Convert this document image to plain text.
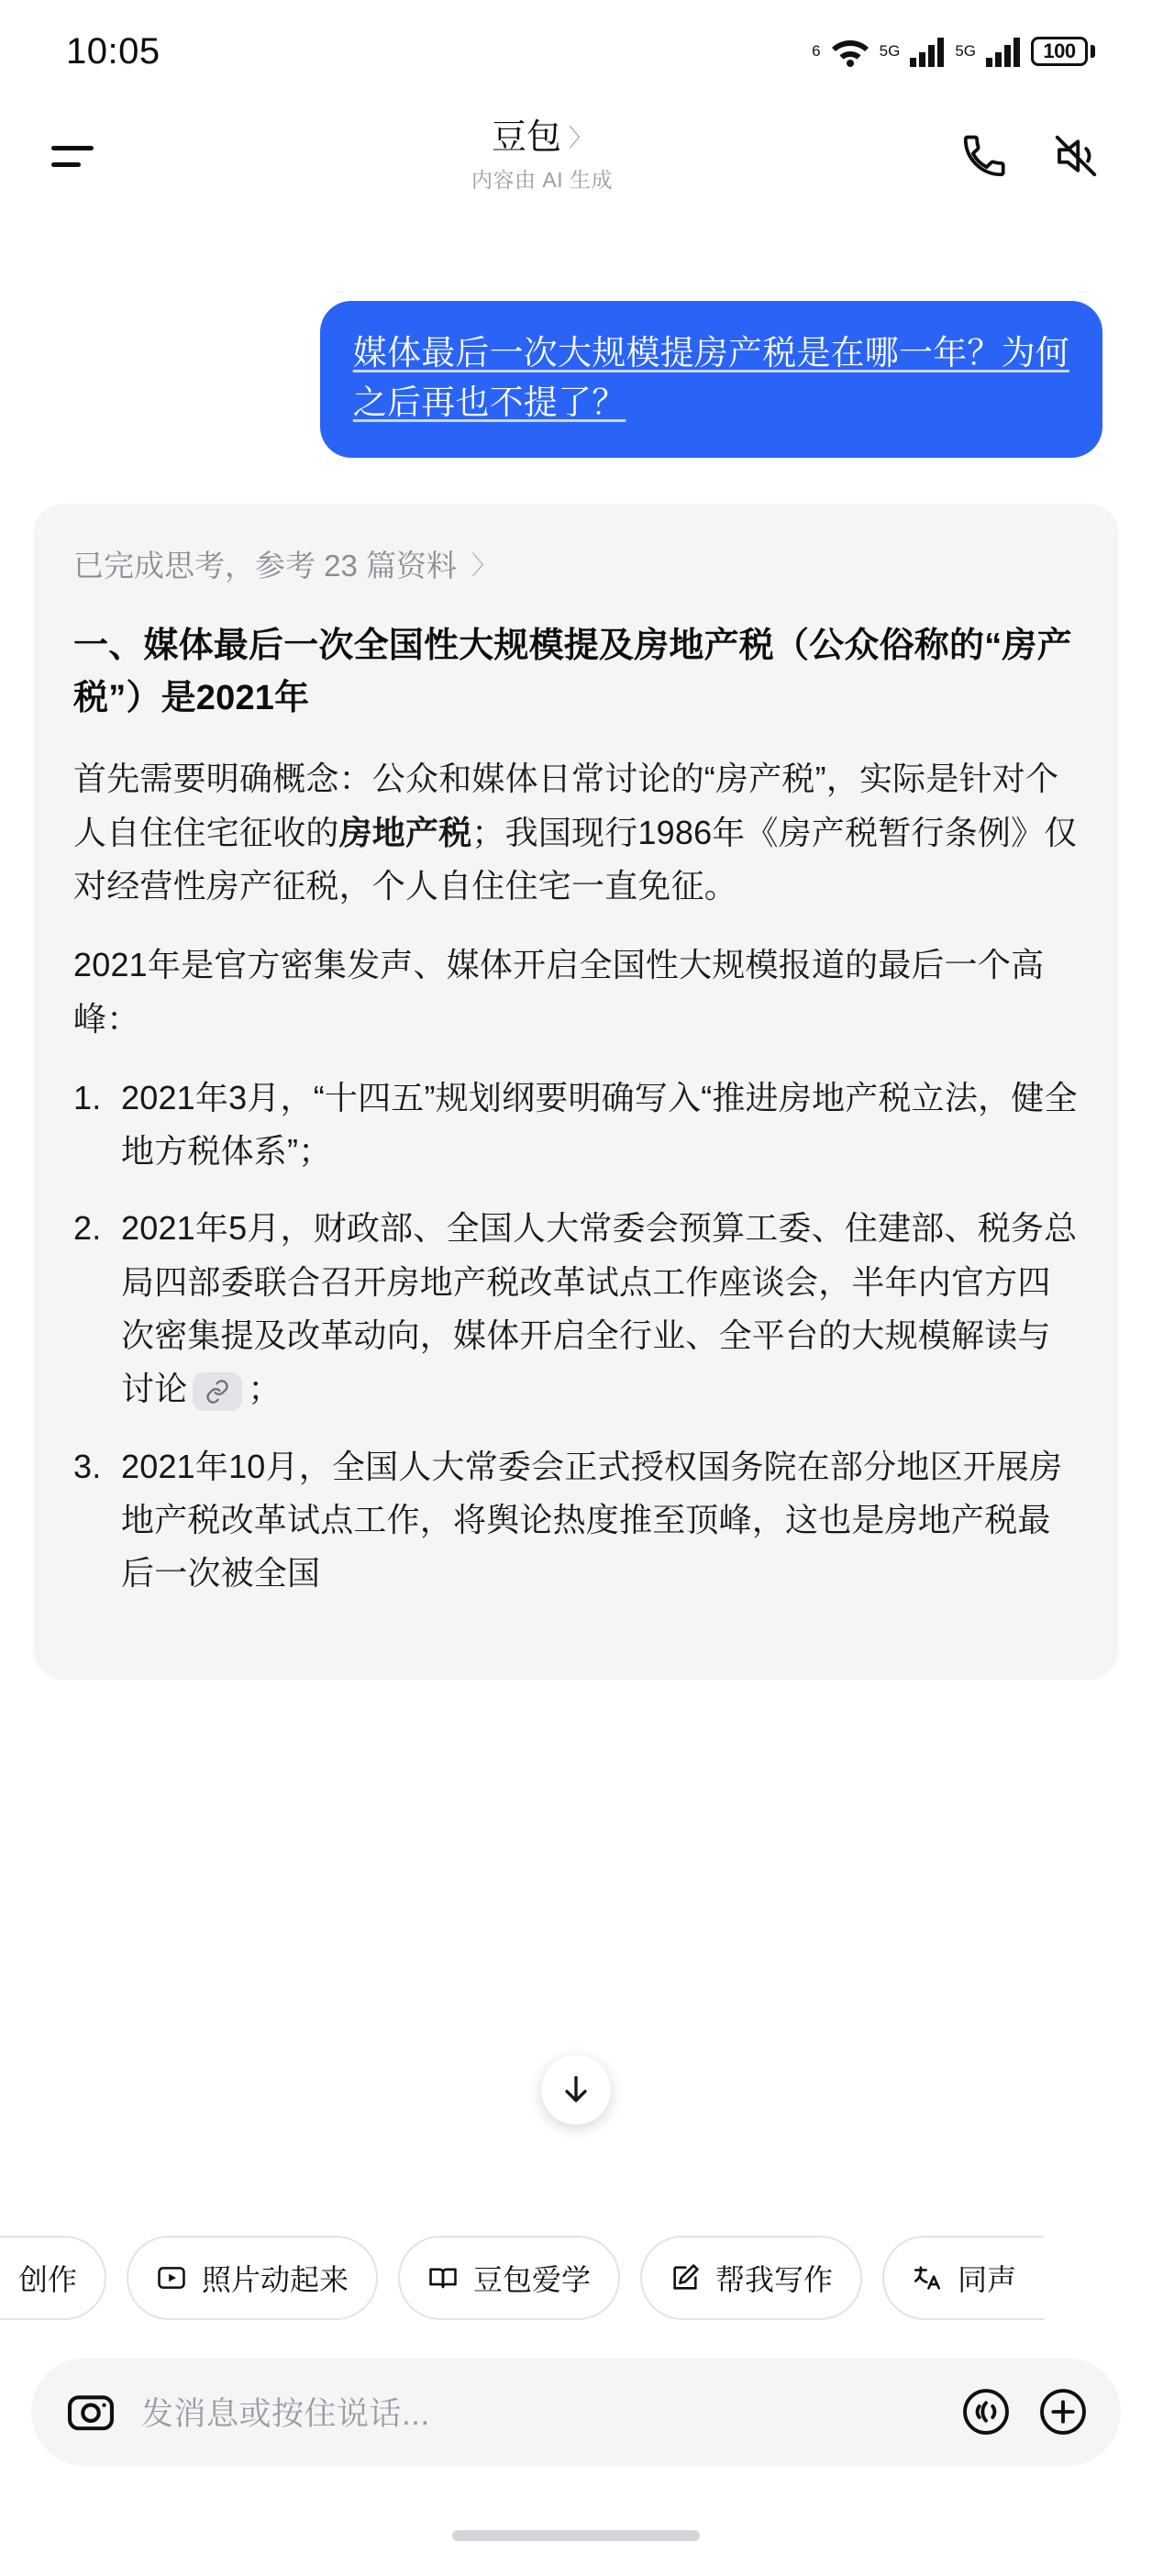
10:05	6	5G	5G	100
豆包 〉
内容由 AI 生成
媒体最后一次大规模提房产税是在哪一年？为何
之后再也不提了？
已完成思考，参考 23 篇资料 〉
一、媒体最后一次全国性大规模提及房地产税（公众俗称的“房产税”）是2021年
首先需要明确概念：公众和媒体日常讨论的“房产税”，实际是针对个人自住住宅征收的房地产税；我国现行1986年《房产税暂行条例》仅对经营性房产征税，个人自住住宅一直免征。
2021年是官方密集发声、媒体开启全国性大规模报道的最后一个高峰：
1. 2021年3月，“十四五”规划纲要明确写入“推进房地产税立法，健全地方税体系”；
2. 2021年5月，财政部、全国人大常委会预算工委、住建部、税务总局四部委联合召开房地产税改革试点工作座谈会，半年内官方四次密集提及改革动向，媒体开启全行业、全平台的大规模解读与讨论 ；
3. 2021年10月，全国人大常委会正式授权国务院在部分地区开展房地产税改革试点工作，将舆论热度推至顶峰，这也是房地产税最后一次被全国
创作	照片动起来	豆包爱学	帮我写作	同声
发消息或按住说话...
